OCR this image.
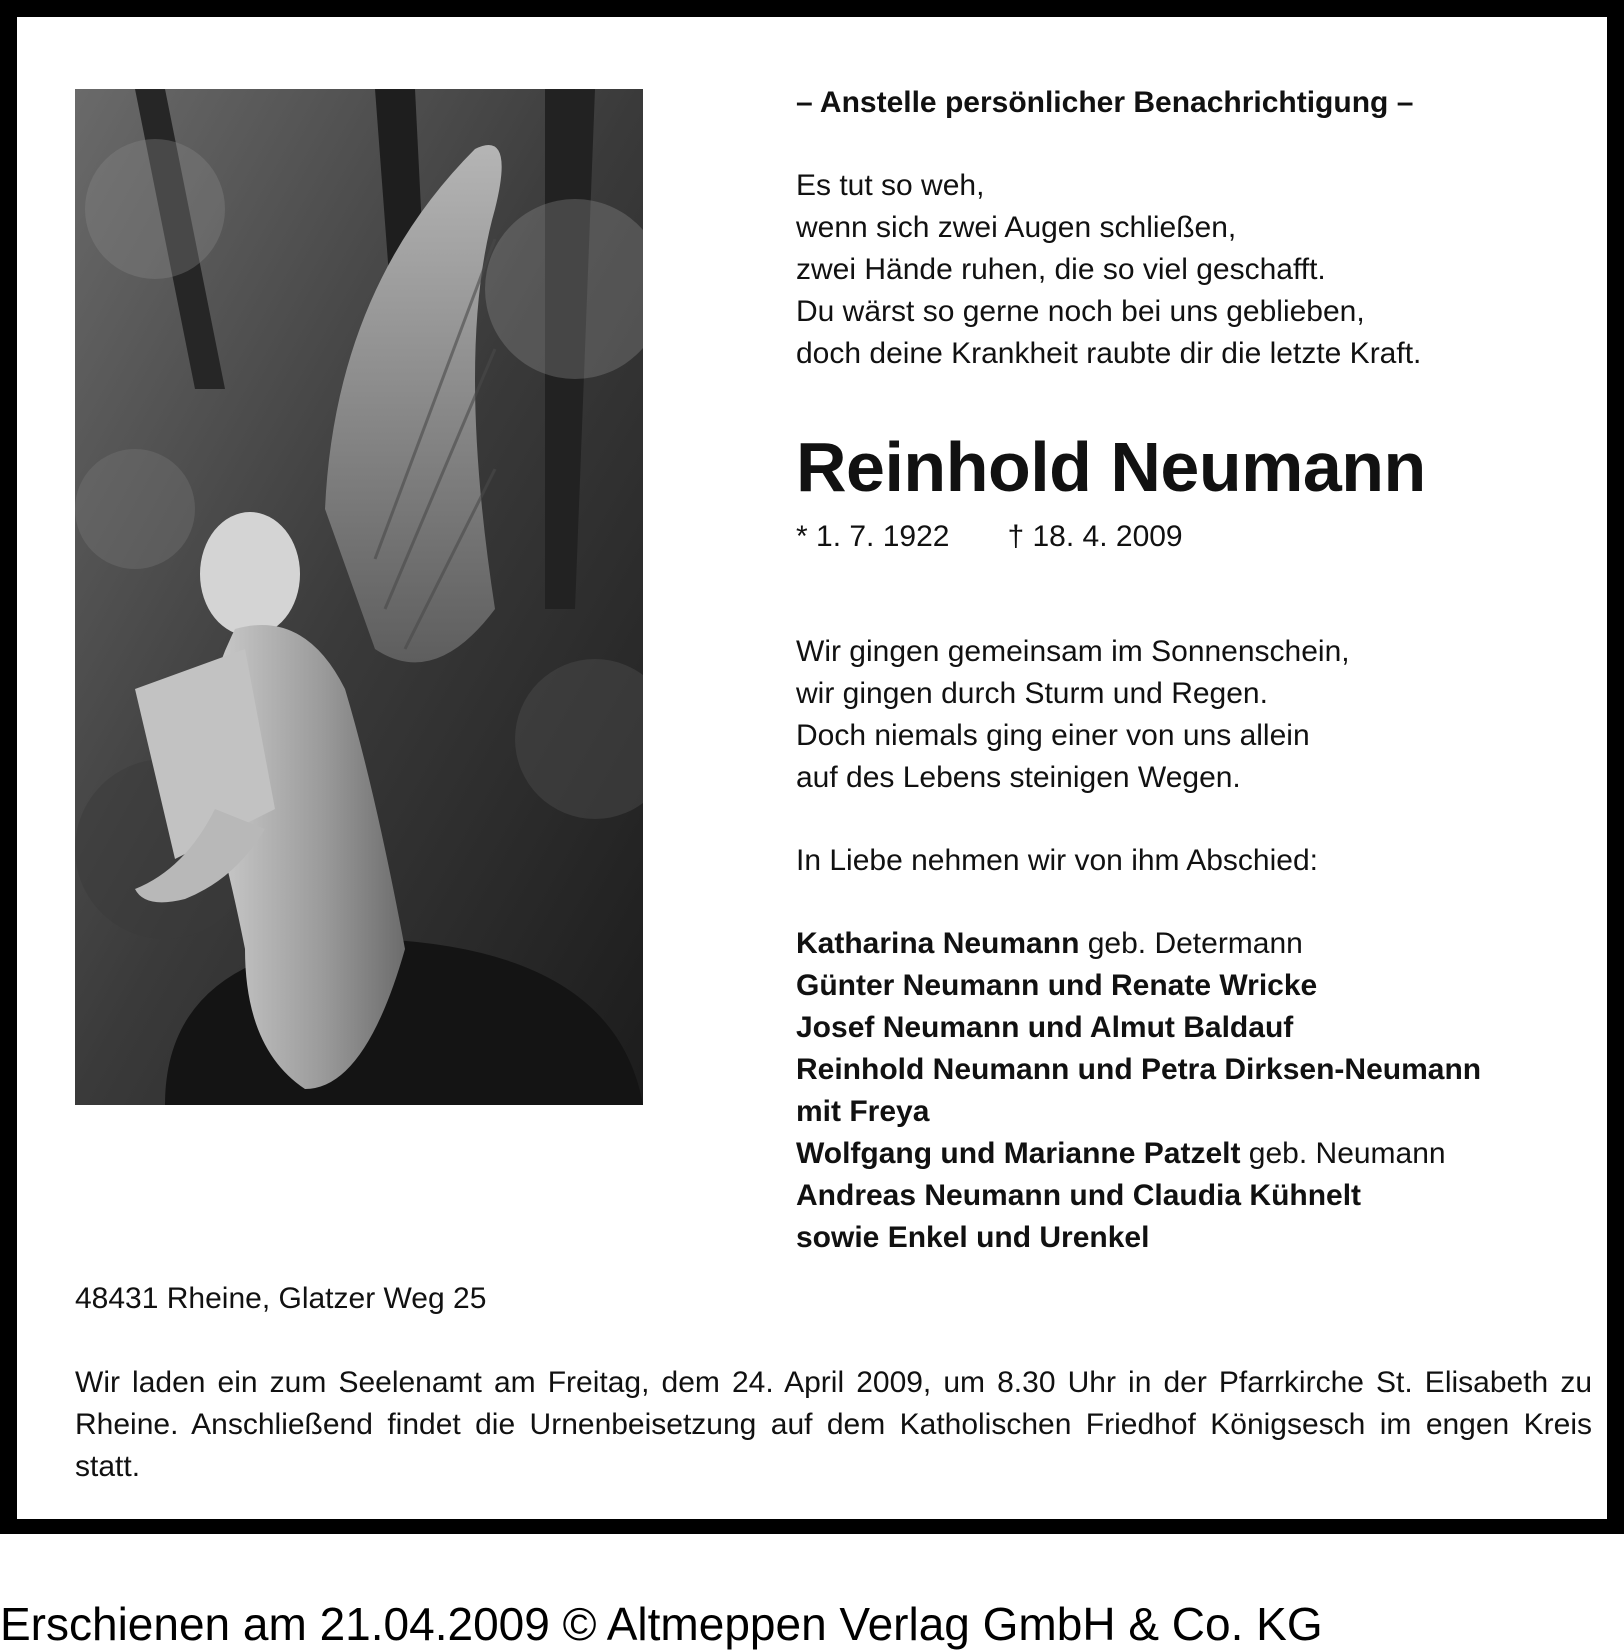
– Anstelle persönlicher Benachrichtigung –
Es tut so weh,
wenn sich zwei Augen schließen,
zwei Hände ruhen, die so viel geschafft.
Du wärst so gerne noch bei uns geblieben,
doch deine Krankheit raubte dir die letzte Kraft.
Reinhold Neumann
* 1. 7. 1922 † 18. 4. 2009
Wir gingen gemeinsam im Sonnenschein,
wir gingen durch Sturm und Regen.
Doch niemals ging einer von uns allein
auf des Lebens steinigen Wegen.
In Liebe nehmen wir von ihm Abschied:
Katharina Neumann geb. Determann
Günter Neumann und Renate Wricke
Josef Neumann und Almut Baldauf
Reinhold Neumann und Petra Dirksen-Neumann
mit Freya
Wolfgang und Marianne Patzelt geb. Neumann
Andreas Neumann und Claudia Kühnelt
sowie Enkel und Urenkel
48431 Rheine, Glatzer Weg 25
Wir laden ein zum Seelenamt am Freitag, dem 24. April 2009, um 8.30 Uhr in der Pfarrkirche St. Elisabeth zu Rheine. Anschließend findet die Urnenbeisetzung auf dem Katholischen Friedhof Königsesch im engen Kreis statt.
Erschienen am 21.04.2009 © Altmeppen Verlag GmbH & Co. KG
